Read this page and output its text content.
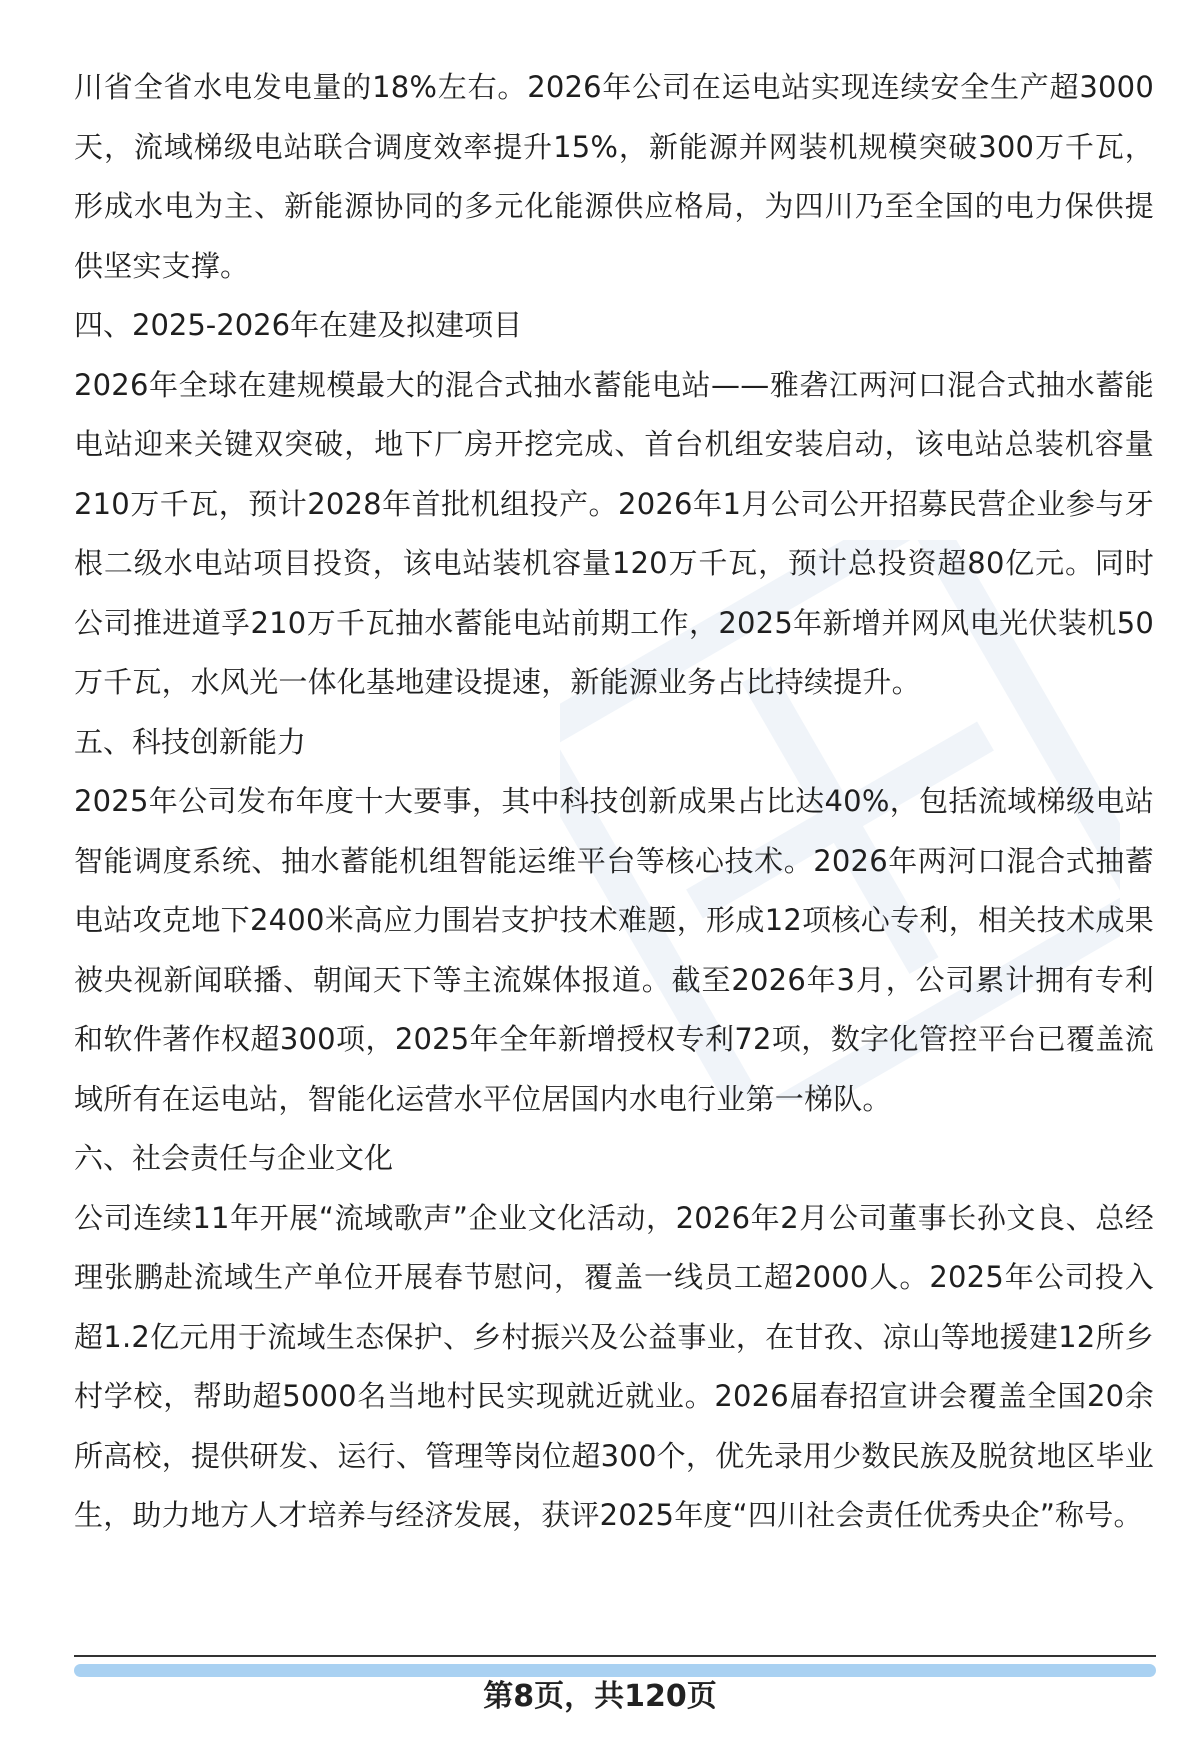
川省全省水电发电量的18%左右。2026年公司在运电站实现连续安全生产超3000天，流域梯级电站联合调度效率提升15%，新能源并网装机规模突破300万千瓦，形成水电为主、新能源协同的多元化能源供应格局，为四川乃至全国的电力保供提供坚实支撑。

四、2025-2026年在建及拟建项目

2026年全球在建规模最大的混合式抽水蓄能电站——雅砻江两河口混合式抽水蓄能电站迎来关键双突破，地下厂房开挖完成、首台机组安装启动，该电站总装机容量210万千瓦，预计2028年首批机组投产。2026年1月公司公开招募民营企业参与牙根二级水电站项目投资，该电站装机容量120万千瓦，预计总投资超80亿元。同时公司推进道孚210万千瓦抽水蓄能电站前期工作，2025年新增并网风电光伏装机50万千瓦，水风光一体化基地建设提速，新能源业务占比持续提升。

五、科技创新能力

2025年公司发布年度十大要事，其中科技创新成果占比达40%，包括流域梯级电站智能调度系统、抽水蓄能机组智能运维平台等核心技术。2026年两河口混合式抽蓄电站攻克地下2400米高应力围岩支护技术难题，形成12项核心专利，相关技术成果被央视新闻联播、朝闻天下等主流媒体报道。截至2026年3月，公司累计拥有专利和软件著作权超300项，2025年全年新增授权专利72项，数字化管控平台已覆盖流域所有在运电站，智能化运营水平位居国内水电行业第一梯队。

六、社会责任与企业文化

公司连续11年开展“流域歌声”企业文化活动，2026年2月公司董事长孙文良、总经理张鹏赴流域生产单位开展春节慰问，覆盖一线员工超2000人。2025年公司投入超1.2亿元用于流域生态保护、乡村振兴及公益事业，在甘孜、凉山等地援建12所乡村学校，帮助超5000名当地村民实现就近就业。2026届春招宣讲会覆盖全国20余所高校，提供研发、运行、管理等岗位超300个，优先录用少数民族及脱贫地区毕业生，助力地方人才培养与经济发展，获评2025年度“四川社会责任优秀央企”称号。

第8页，共120页
